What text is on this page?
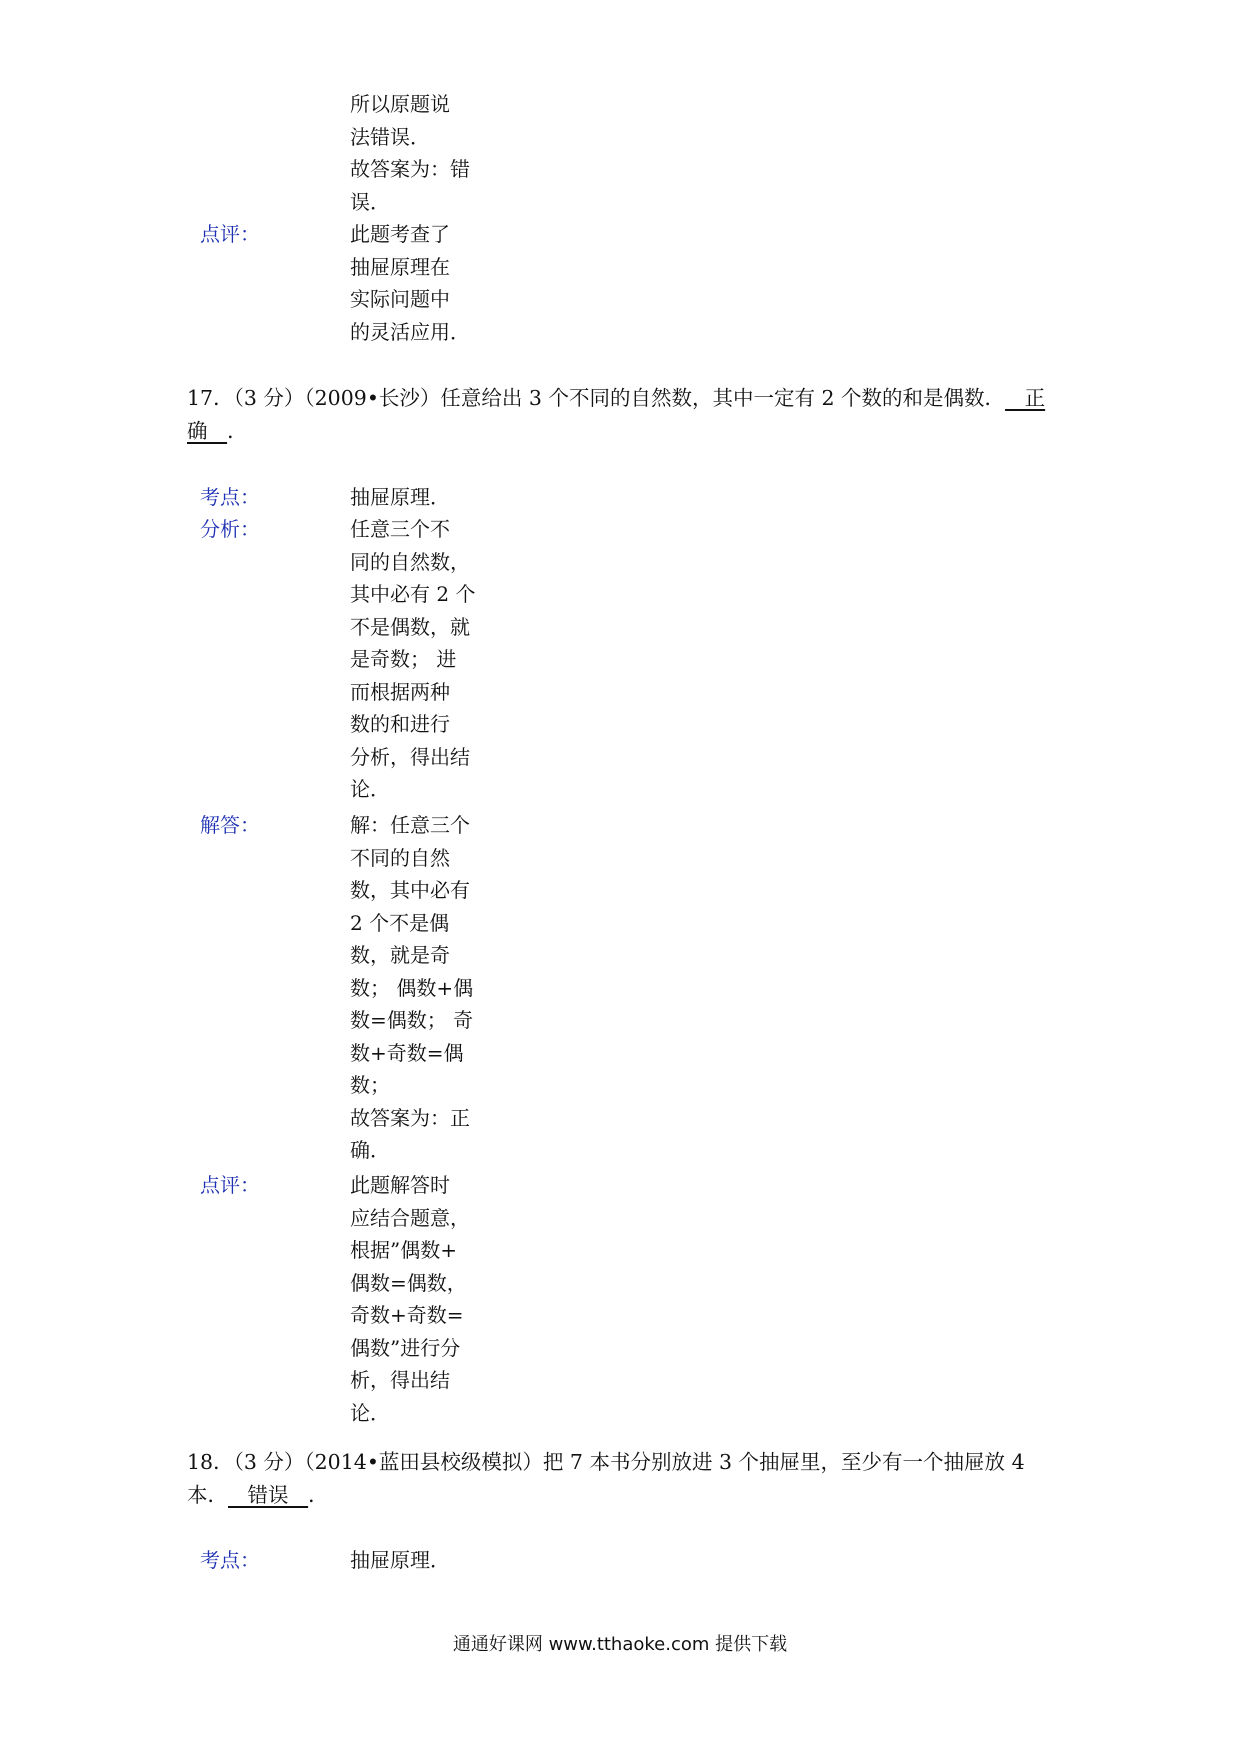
所以原题说
法错误．
故答案为：错
误．
点评：	此题考查了
抽屉原理在
实际问题中
的灵活应用．
17．（3 分）（2009•长沙）任意给出 3 个不同的自然数，其中一定有 2 个数的和是偶数．   正
确   ．
考点：	抽屉原理．
分析：	任意三个不
同的自然数，
其中必有 2 个
不是偶数，就
是奇数； 进
而根据两种
数的和进行
分析，得出结
论．
解答：	解：任意三个
不同的自然
数，其中必有
2 个不是偶
数，就是奇
数； 偶数+偶
数=偶数； 奇
数+奇数=偶
数；
故答案为：正
确．
点评：	此题解答时
应结合题意，
根据”偶数+
偶数=偶数，
奇数+奇数=
偶数”进行分
析，得出结
论．
18．（3 分）（2014•蓝田县校级模拟）把 7 本书分别放进 3 个抽屉里，至少有一个抽屉放 4
本．   错误   ．
考点：	抽屉原理．
通通好课网 www.tthaoke.com 提供下载
